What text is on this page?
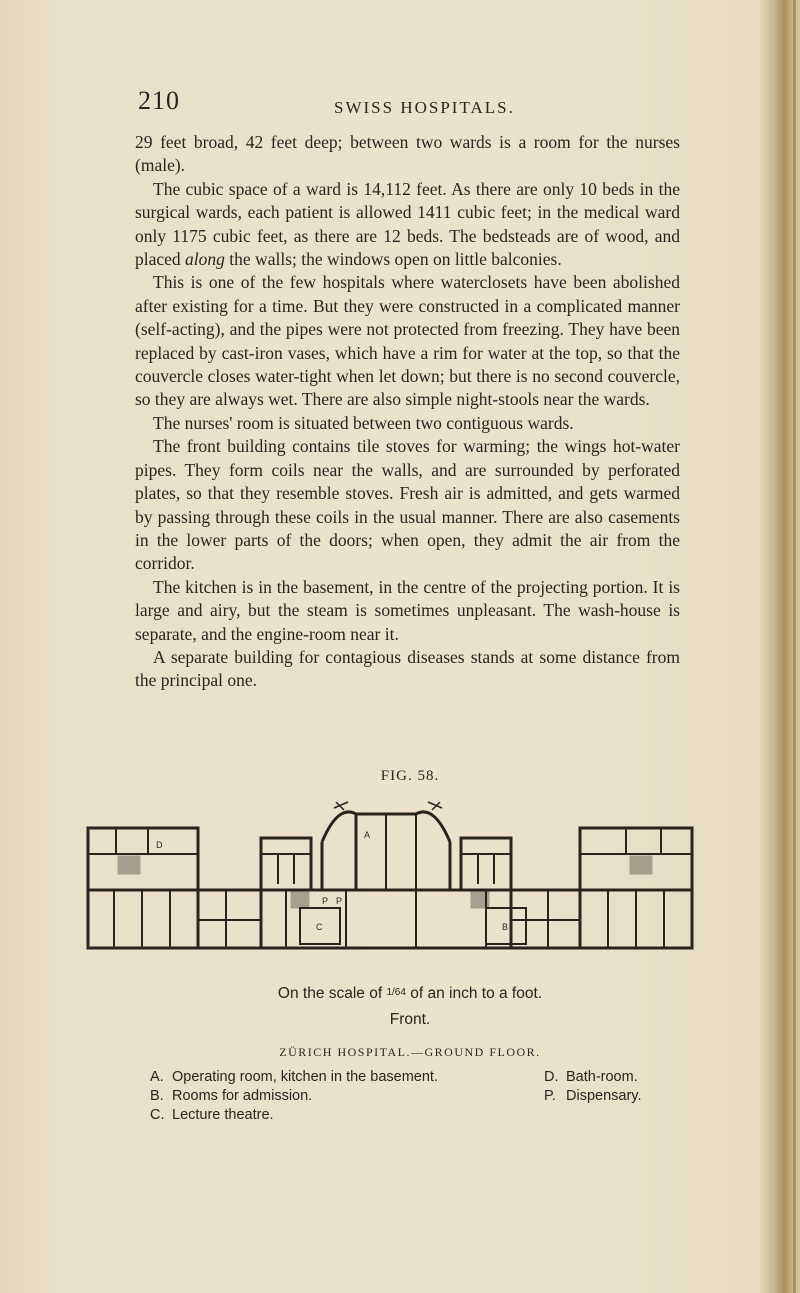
210	SWISS HOSPITALS.

29 feet broad, 42 feet deep; between two wards is a room for the nurses (male).

The cubic space of a ward is 14,112 feet. As there are only 10 beds in the surgical wards, each patient is allowed 1411 cubic feet; in the medical ward only 1175 cubic feet, as there are 12 beds. The bedsteads are of wood, and placed along the walls; the windows open on little balconies.

This is one of the few hospitals where waterclosets have been abolished after existing for a time. But they were constructed in a complicated manner (self-acting), and the pipes were not protected from freezing. They have been replaced by cast-iron vases, which have a rim for water at the top, so that the couvercle closes water-tight when let down; but there is no second couvercle, so they are always wet. There are also simple night-stools near the wards.

The nurses' room is situated between two contiguous wards.

The front building contains tile stoves for warming; the wings hot-water pipes. They form coils near the walls, and are surrounded by perforated plates, so that they resemble stoves. Fresh air is admitted, and gets warmed by passing through these coils in the usual manner. There are also casements in the lower parts of the doors; when open, they admit the air from the corridor.

The kitchen is in the basement, in the centre of the projecting portion. It is large and airy, but the steam is sometimes unpleasant. The wash-house is separate, and the engine-room near it.

A separate building for contagious diseases stands at some distance from the principal one.

FIG. 58.
D
A
C	B
P P
On the scale of 1/64 of an inch to a foot.
Front.
ZÜRICH HOSPITAL.—GROUND FLOOR.
A. Operating room, kitchen in the basement.	D. Bath-room.
B. Rooms for admission.	P. Dispensary.
C. Lecture theatre.
